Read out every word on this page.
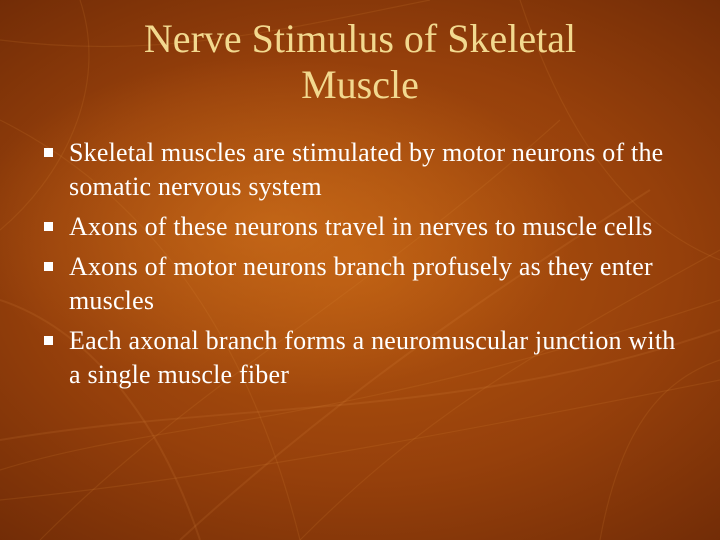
Nerve Stimulus of Skeletal
Muscle
Skeletal muscles are stimulated by motor neurons of the somatic nervous system
Axons of these neurons travel in nerves to muscle cells
Axons of motor neurons branch profusely as they enter muscles
Each axonal branch forms a neuromuscular junction with a single muscle fiber
